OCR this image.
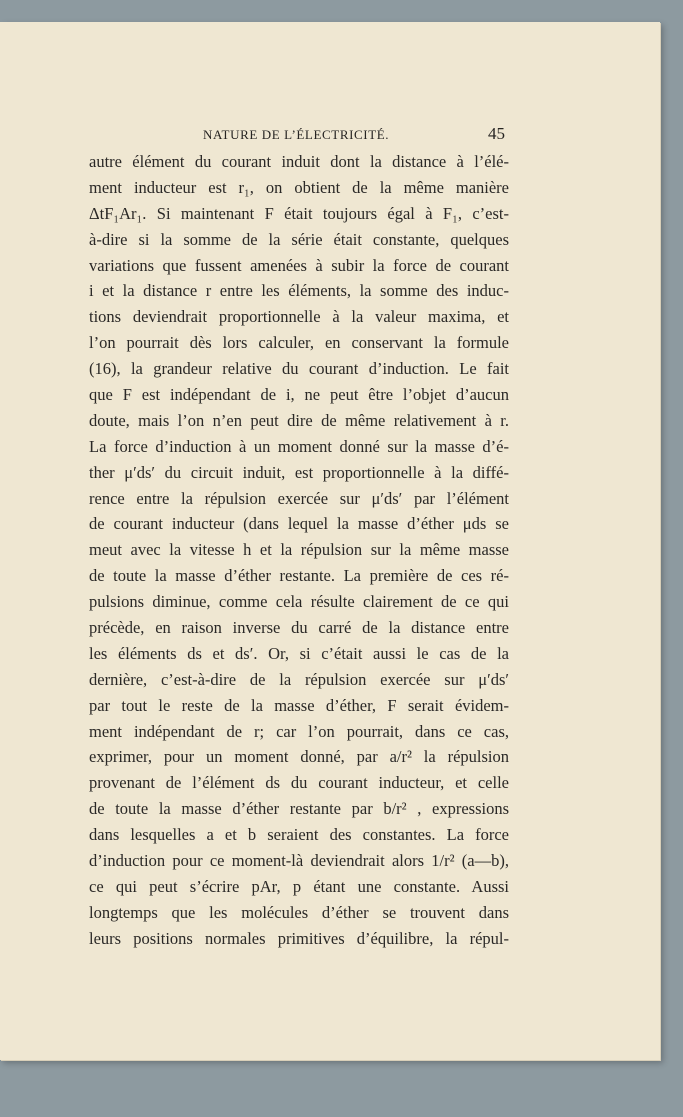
NATURE DE L’ÉLECTRICITÉ.	45
autre élément du courant induit dont la distance à l’élé-
ment inducteur est r₁, on obtient de la même manière
ΔtF₁Ar₁. Si maintenant F était toujours égal à F₁, c’est-
à-dire si la somme de la série était constante, quelques
variations que fussent amenées à subir la force de courant
i et la distance r entre les éléments, la somme des induc-
tions deviendrait proportionnelle à la valeur maxima, et
l’on pourrait dès lors calculer, en conservant la formule
(16), la grandeur relative du courant d’induction. Le fait
que F est indépendant de i, ne peut être l’objet d’aucun
doute, mais l’on n’en peut dire de même relativement à r.
La force d’induction à un moment donné sur la masse d’é-
ther μ′ds′ du circuit induit, est proportionnelle à la diffé-
rence entre la répulsion exercée sur μ′ds′ par l’élément
de courant inducteur (dans lequel la masse d’éther μds se
meut avec la vitesse h et la répulsion sur la même masse
de toute la masse d’éther restante. La première de ces ré-
pulsions diminue, comme cela résulte clairement de ce qui
précède, en raison inverse du carré de la distance entre
les éléments ds et ds′. Or, si c’était aussi le cas de la
dernière, c’est-à-dire de la répulsion exercée sur μ′ds′
par tout le reste de la masse d’éther, F serait évidem-
ment indépendant de r; car l’on pourrait, dans ce cas,
exprimer, pour un moment donné, par a/r² la répulsion
provenant de l’élément ds du courant inducteur, et celle
de toute la masse d’éther restante par b/r² , expressions
dans lesquelles a et b seraient des constantes. La force
d’induction pour ce moment-là deviendrait alors 1/r² (a—b),
ce qui peut s’écrire pAr, p étant une constante. Aussi
longtemps que les molécules d’éther se trouvent dans
leurs positions normales primitives d’équilibre, la répul-
